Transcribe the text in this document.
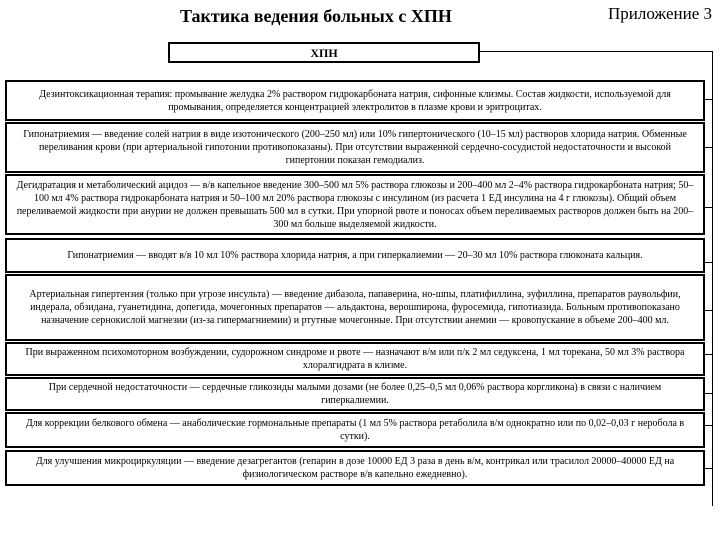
Тактика ведения больных с ХПН	Приложение 3
ХПН
Дезинтоксикационная терапия: промывание желудка 2% раствором гидрокарбоната натрия, сифонные клизмы. Состав жидкости, используемой для промывания, определяется концентрацией электролитов в плазме крови и эритроцитах.
Гипонатриемия — введение солей натрия в виде изотонического (200–250 мл) или 10% гипертонического (10–15 мл) растворов хлорида натрия. Обменные переливания крови (при артериальной гипотонии противопоказаны). При отсутствии выраженной сердечно-сосудистой недостаточности и высокой гипертонии показан гемодиализ.
Дегидратация и метаболический ацидоз — в/в капельное введение 300–500 мл 5% раствора глюкозы и 200–400 мл 2–4% раствора гидрокарбоната натрия; 50–100 мл 4% раствора гидрокарбоната натрия и 50–100 мл 20% раствора глюкозы с инсулином (из расчета 1 ЕД инсулина на 4 г глюкозы). Общий объем переливаемой жидкости при анурии не должен превышать 500 мл в сутки. При упорной рвоте и поносах объем переливаемых растворов должен быть на 200–300 мл больше выделяемой жидкости.
Гипонатриемия — вводят в/в 10 мл 10% раствора хлорида натрия, а при гиперкалиемии — 20–30 мл 10% раствора глюконата кальция.
Артериальная гипертензия (только при угрозе инсульта) — введение дибазола, папаверина, но-шпы, платифиллина, эуфиллина, препаратов раувольфии, индерала, обзидана, гуанетидина, допегида, мочегонных препаратов — альдактона, верошпирона, фуросемида, гипотиазида. Больным противопоказано назначение сернокислой магнезии (из-за гипермагниемии) и ртутные мочегонные. При отсутствии анемии — кровопускание в объеме 200–400 мл.
При выраженном психомоторном возбуждении, судорожном синдроме и рвоте — назначают в/м или п/к 2 мл седуксена, 1 мл торекана, 50 мл 3% раствора хлоралгидрата в клизме.
При сердечной недостаточности — сердечные гликозиды малыми дозами (не более 0,25–0,5 мл 0,06% раствора коргликона) в связи с наличием гиперкалиемии.
Для коррекции белкового обмена — анаболические гормональные препараты (1 мл 5% раствора ретаболила в/м однократно или по 0,02–0,03 г неробола в сутки).
Для улучшения микроциркуляции — введение дезагрегантов (гепарин в дозе 10000 ЕД 3 раза в день в/м, контрикал или трасилол 20000–40000 ЕД на физиологическом растворе в/в капельно ежедневно).
